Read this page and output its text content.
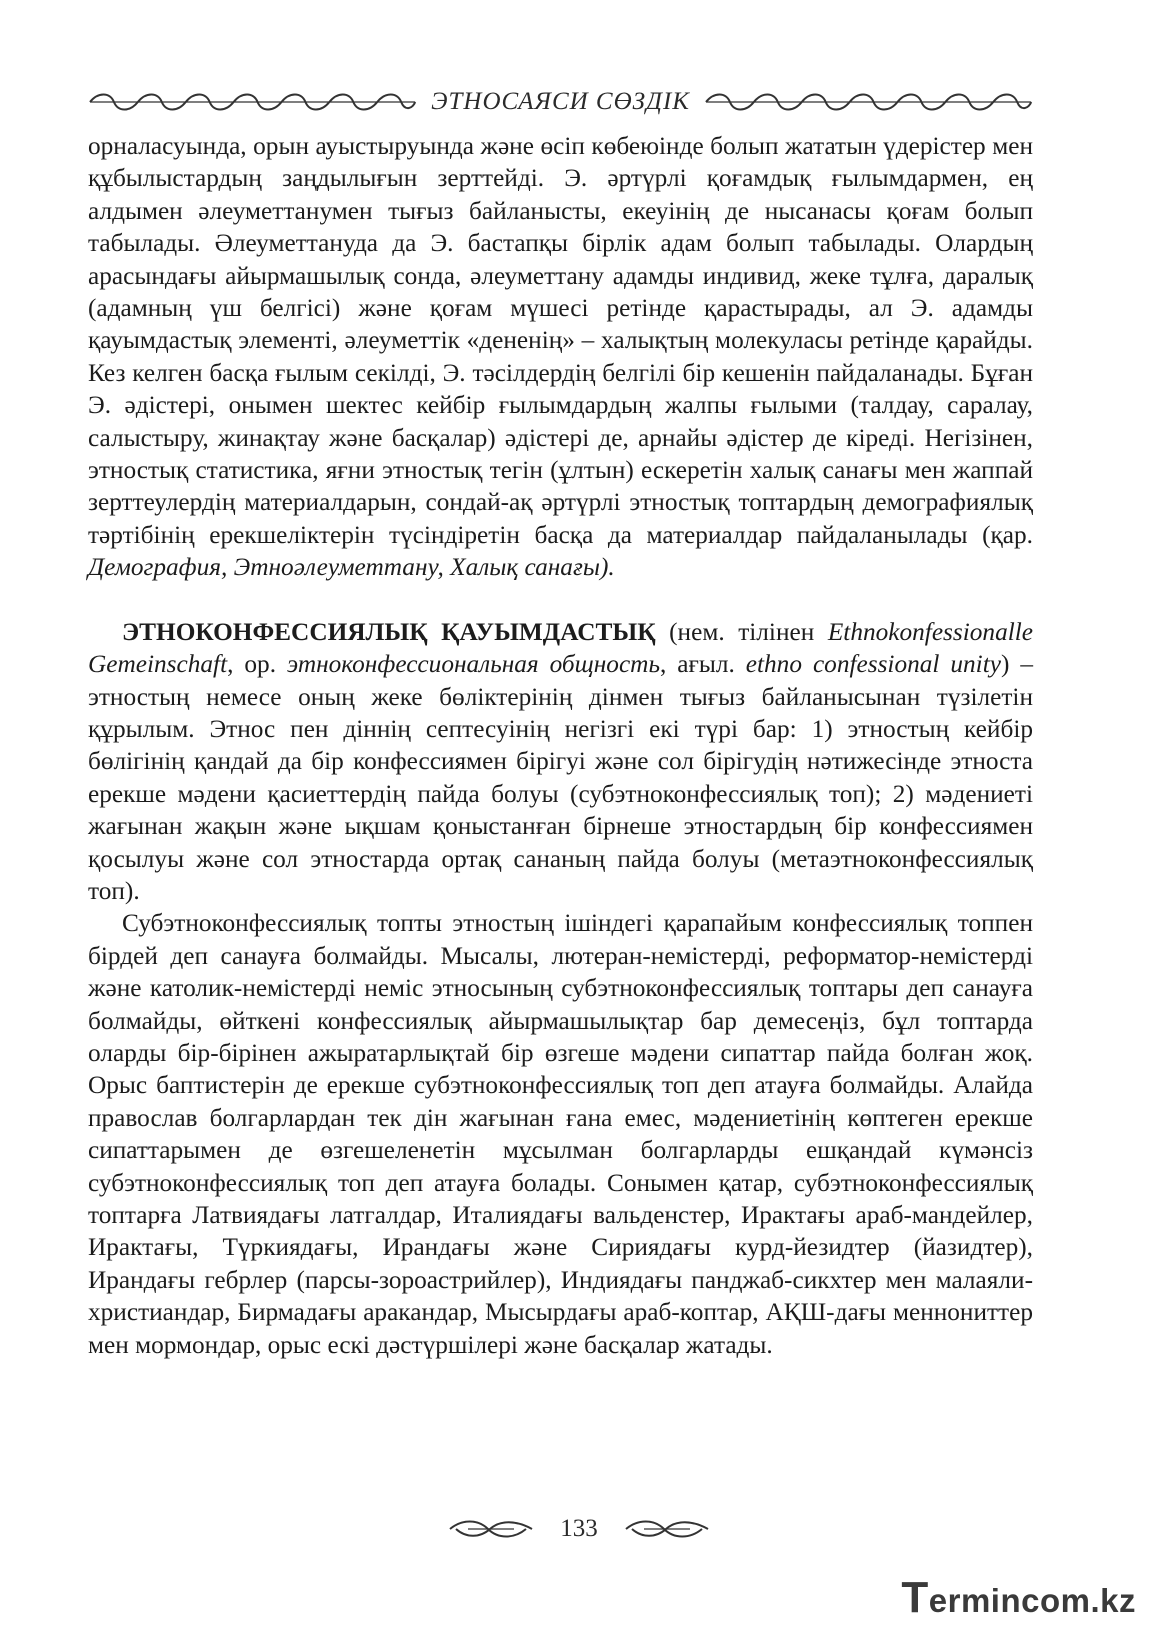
ЭТНОСАЯСИ СӨЗДІК

орналасуында, орын ауыстыруында және өсіп көбеюінде болып жататын үдерістер мен құбылыстардың заңдылығын зерттейді. Э. әртүрлі қоғамдық ғылымдармен, ең алдымен әлеуметтанумен тығыз байланысты, екеуінің де нысанасы қоғам болып табылады. Әлеуметтануда да Э. бастапқы бірлік адам болып табылады. Олардың арасындағы айырмашылық сонда, әлеуметтану адамды индивид, жеке тұлға, даралық (адамның үш белгісі) және қоғам мүшесі ретінде қарастырады, ал Э. адамды қауымдастық элементі, әлеуметтік «дененің» – халықтың молекуласы ретінде қарайды. Кез келген басқа ғылым секілді, Э. тәсілдердің белгілі бір кешенін пайдаланады. Бұған Э. әдістері, онымен шектес кейбір ғылымдардың жалпы ғылыми (талдау, саралау, салыстыру, жинақтау және басқалар) әдістері де, арнайы әдістер де кіреді. Негізінен, этностық статистика, яғни этностық тегін (ұлтын) ескеретін халық санағы мен жаппай зерттеулердің материалдарын, сондай-ақ әртүрлі этностық топтардың демографиялық тәртібінің ерекшеліктерін түсіндіретін басқа да материалдар пайдаланылады (қар. Демография, Этноәлеуметтану, Халық санағы).

ЭТНОКОНФЕССИЯЛЫҚ ҚАУЫМДАСТЫҚ (нем. тілінен Ethnokonfessionalle Gemeinschaft, ор. этноконфессиональная общность, ағыл. ethno confessional unity) – этностың немесе оның жеке бөліктерінің дінмен тығыз байланысынан түзілетін құрылым. Этнос пен діннің септесуінің негізгі екі түрі бар: 1) этностың кейбір бөлігінің қандай да бір конфессиямен бірігуі және сол бірігудің нәтижесінде этноста ерекше мәдени қасиеттердің пайда болуы (субэтноконфессиялық топ); 2) мәдениеті жағынан жақын және ықшам қоныстанған бірнеше этностардың бір конфессиямен қосылуы және сол этностарда ортақ сананың пайда болуы (метаэтноконфессиялық топ).

Субэтноконфессиялық топты этностың ішіндегі қарапайым конфессиялық топпен бірдей деп санауға болмайды. Мысалы, лютеран-немістерді, реформатор-немістерді және католик-немістерді неміс этносының субэтноконфессиялық топтары деп санауға болмайды, өйткені конфессиялық айырмашылықтар бар демесеңіз, бұл топтарда оларды бір-бірінен ажыратарлықтай бір өзгеше мәдени сипаттар пайда болған жоқ. Орыс баптистерін де ерекше субэтноконфессиялық топ деп атауға болмайды. Алайда православ болгарлардан тек дін жағынан ғана емес, мәдениетінің көптеген ерекше сипаттарымен де өзгешеленетін мұсылман болгарларды ешқандай күмәнсіз субэтноконфессиялық топ деп атауға болады. Сонымен қатар, субэтноконфессиялық топтарға Латвиядағы латгалдар, Италиядағы вальденстер, Ирактағы араб-мандейлер, Ирактағы, Түркиядағы, Ирандағы және Сириядағы курд-йезидтер (йазидтер), Ирандағы гебрлер (парсы-зороастрийлер), Индиядағы панджаб-сикхтер мен малаяли-христиандар, Бирмадағы аракандар, Мысырдағы араб-коптар, АҚШ-дағы меннониттер мен мормондар, орыс ескі дәстүршілері және басқалар жатады.

133
Termincom.kz
